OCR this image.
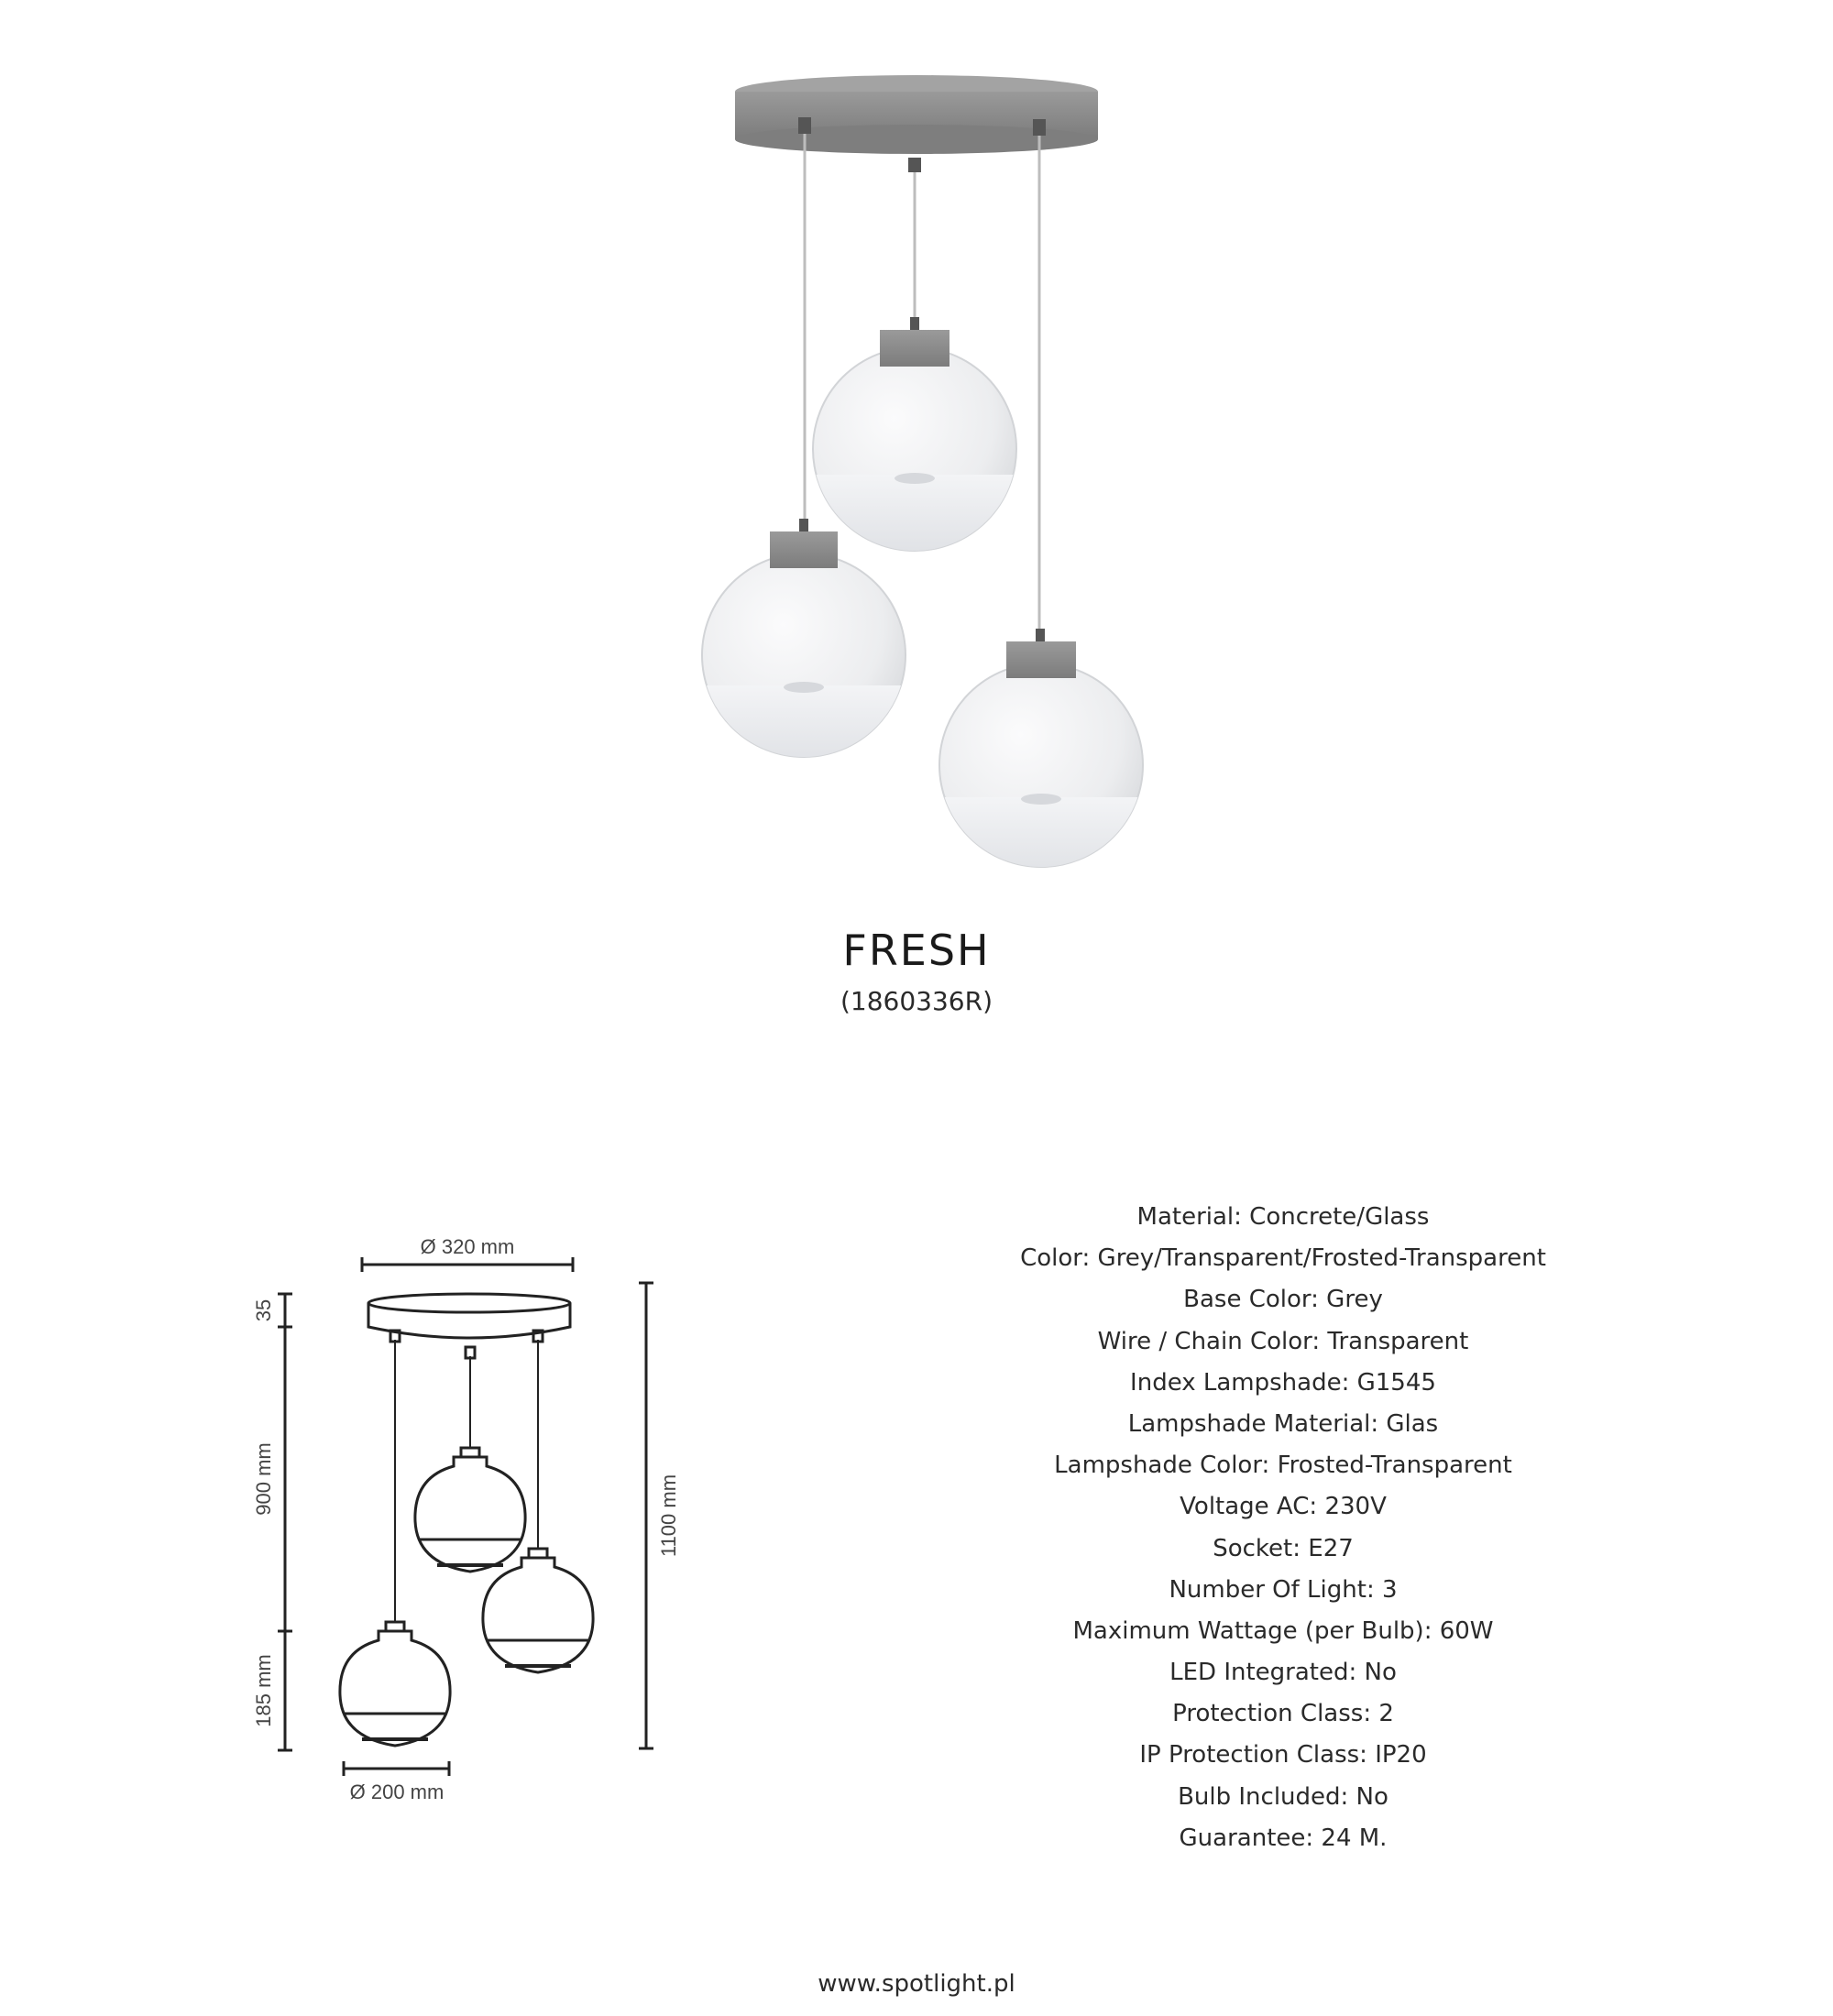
FRESH
(1860336R)
Ø 320 mm
Ø 200 mm
35
900 mm
185 mm
1100 mm
Material: Concrete/Glass
Color: Grey/Transparent/Frosted-Transparent
Base Color: Grey
Wire / Chain Color: Transparent
Index Lampshade: G1545
Lampshade Material: Glas
Lampshade Color: Frosted-Transparent
Voltage AC: 230V
Socket: E27
Number Of Light: 3
Maximum Wattage (per Bulb): 60W
LED Integrated: No
Protection Class: 2
IP Protection Class: IP20
Bulb Included: No
Guarantee: 24 M.
www.spotlight.pl
